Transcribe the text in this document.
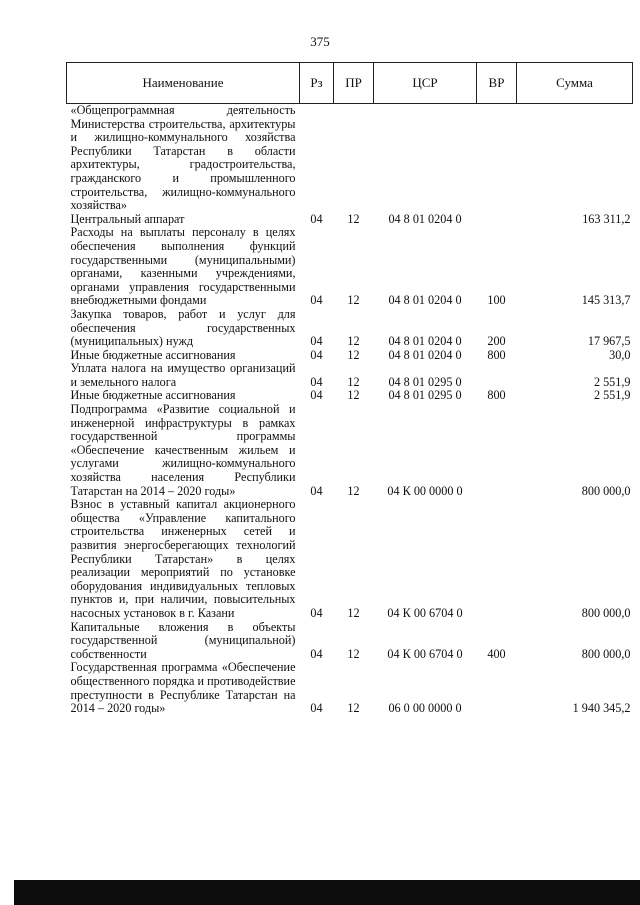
375
Наименование	Рз	ПР	ЦСР	ВР	Сумма
«Общепрограммная деятельность Министерства строительства, архитектуры и жилищно-коммунального хозяйства Республики Татарстан в области архитектуры, градостроительства, гражданского и промышленного строительства, жилищно-коммунального хозяйства»					
Центральный аппарат	04	12	04 8 01 0204 0		163 311,2
Расходы на выплаты персоналу в целях обеспечения выполнения функций государственными (муниципальными) органами, казенными учреждениями, органами управления государственными внебюджетными фондами	04	12	04 8 01 0204 0	100	145 313,7
Закупка товаров, работ и услуг для обеспечения государственных (муниципальных) нужд	04	12	04 8 01 0204 0	200	17 967,5
Иные бюджетные ассигнования	04	12	04 8 01 0204 0	800	30,0
Уплата налога на имущество организаций и земельного налога	04	12	04 8 01 0295 0		2 551,9
Иные бюджетные ассигнования	04	12	04 8 01 0295 0	800	2 551,9
Подпрограмма «Развитие социальной и инженерной инфраструктуры в рамках государственной программы «Обеспечение качественным жильем и услугами жилищно-коммунального хозяйства населения Республики Татарстан на 2014 – 2020 годы»	04	12	04 К 00 0000 0		800 000,0
Взнос в уставный капитал акционерного общества «Управление капитального строительства инженерных сетей и развития энергосберегающих технологий Республики Татарстан» в целях реализации мероприятий по установке оборудования индивидуальных тепловых пунктов и, при наличии, повысительных насосных установок в г. Казани	04	12	04 К 00 6704 0		800 000,0
Капитальные вложения в объекты государственной (муниципальной) собственности	04	12	04 К 00 6704 0	400	800 000,0
Государственная программа «Обеспечение общественного порядка и противодействие преступности в Республике Татарстан на 2014 – 2020 годы»	04	12	06 0 00 0000 0		1 940 345,2
